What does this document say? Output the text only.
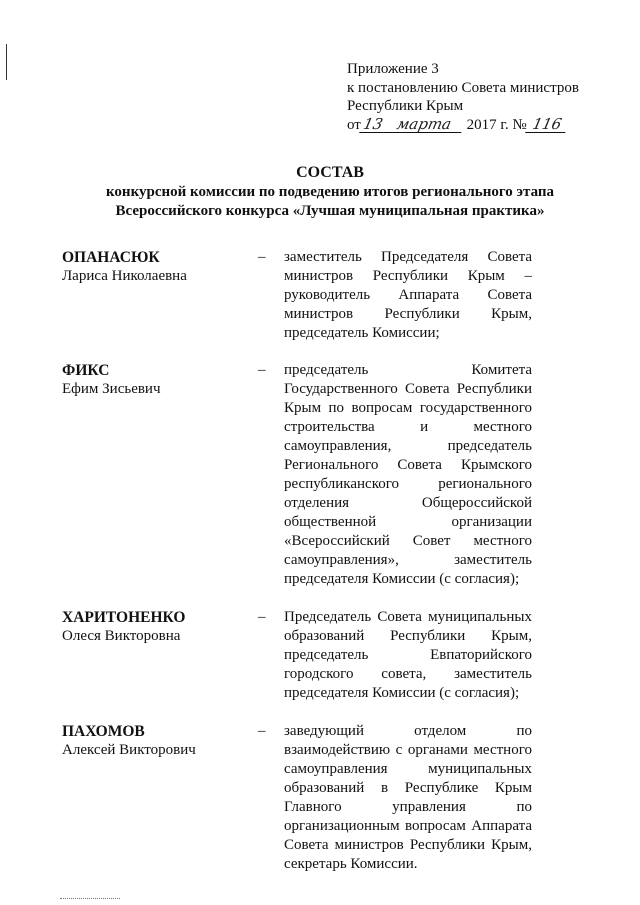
Приложение 3
к постановлению Совета министров
Республики Крым
от13 марта 2017 г. № 116
СОСТАВ
конкурсной комиссии по подведению итогов регионального этапа
Всероссийского конкурса «Лучшая муниципальная практика»
ОПАНАСЮК
Лариса Николаевна
–	заместитель Председателя Совета министров Республики Крым – руководитель Аппарата Совета министров Республики Крым, председатель Комиссии;
ФИКС
Ефим Зисьевич
–	председатель Комитета Государственного Совета Республики Крым по вопросам государственного строительства и местного самоуправления, председатель Регионального Совета Крымского республиканского регионального отделения Общероссийской общественной организации «Всероссийский Совет местного самоуправления», заместитель председателя Комиссии (с согласия);
ХАРИТОНЕНКО
Олеся Викторовна
–	Председатель Совета муниципальных образований Республики Крым, председатель Евпаторийского городского совета, заместитель председателя Комиссии (с согласия);
ПАХОМОВ
Алексей Викторович
–	заведующий отделом по взаимодействию с органами местного самоуправления муниципальных образований в Республике Крым Главного управления по организационным вопросам Аппарата Совета министров Республики Крым, секретарь Комиссии.
